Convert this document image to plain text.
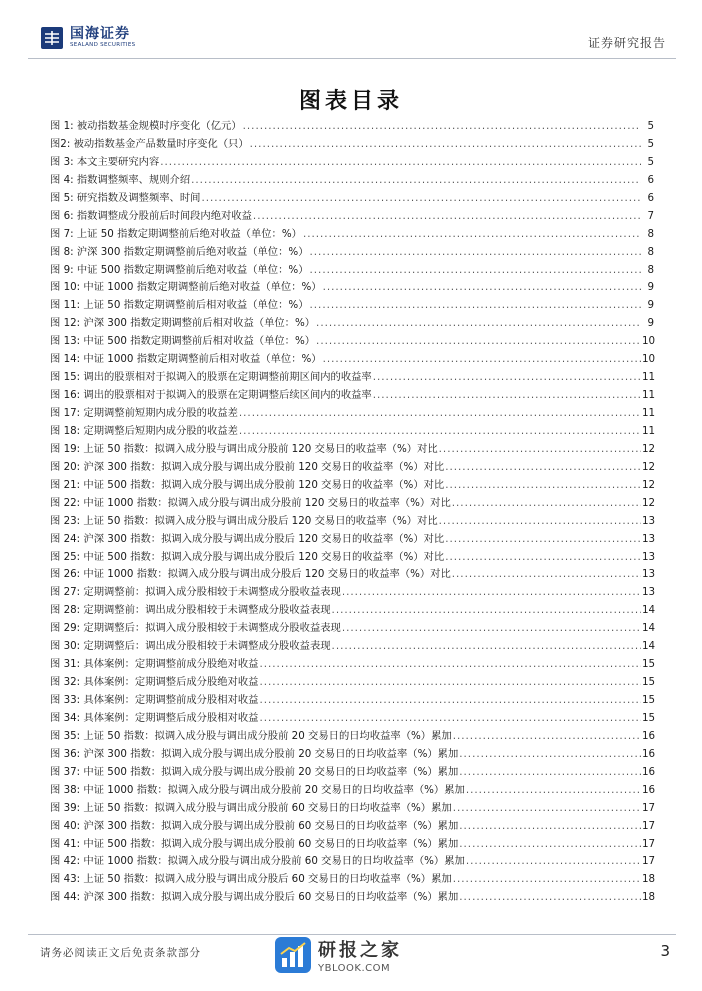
国海证券
SEALAND SECURITIES	证券研究报告
图表目录
图 1: 被动指数基金规模时序变化（亿元） .....	5
图2: 被动指数基金产品数量时序变化（只） .....	5
图 3: 本文主要研究内容 .....	5
图 4: 指数调整频率、规则介绍 .....	6
图 5: 研究指数及调整频率、时间 .....	6
图 6: 指数调整成分股前后时间段内绝对收益 .....	7
图 7: 上证 50 指数定期调整前后绝对收益（单位：%） .....	8
图 8: 沪深 300 指数定期调整前后绝对收益（单位：%） .....	8
图 9: 中证 500 指数定期调整前后绝对收益（单位：%） .....	8
图 10: 中证 1000 指数定期调整前后绝对收益（单位：%） .....	9
图 11: 上证 50 指数定期调整前后相对收益（单位：%） .....	9
图 12: 沪深 300 指数定期调整前后相对收益（单位：%） .....	9
图 13: 中证 500 指数定期调整前后相对收益（单位：%） .....	10
图 14: 中证 1000 指数定期调整前后相对收益（单位：%） .....	10
图 15: 调出的股票相对于拟调入的股票在定期调整前期区间内的收益率 .....	11
图 16: 调出的股票相对于拟调入的股票在定期调整后续区间内的收益率 .....	11
图 17: 定期调整前短期内成分股的收益差 .....	11
图 18: 定期调整后短期内成分股的收益差 .....	11
图 19: 上证 50 指数：拟调入成分股与调出成分股前 120 交易日的收益率（%）对比 .....	12
图 20: 沪深 300 指数：拟调入成分股与调出成分股前 120 交易日的收益率（%）对比 .....	12
图 21: 中证 500 指数：拟调入成分股与调出成分股前 120 交易日的收益率（%）对比 .....	12
图 22: 中证 1000 指数：拟调入成分股与调出成分股前 120 交易日的收益率（%）对比 .....	12
图 23: 上证 50 指数：拟调入成分股与调出成分股后 120 交易日的收益率（%）对比 .....	13
图 24: 沪深 300 指数：拟调入成分股与调出成分股后 120 交易日的收益率（%）对比 .....	13
图 25: 中证 500 指数：拟调入成分股与调出成分股后 120 交易日的收益率（%）对比 .....	13
图 26: 中证 1000 指数：拟调入成分股与调出成分股后 120 交易日的收益率（%）对比 .....	13
图 27: 定期调整前：拟调入成分股相较于未调整成分股收益表现 .....	13
图 28: 定期调整前：调出成分股相较于未调整成分股收益表现 .....	14
图 29: 定期调整后：拟调入成分股相较于未调整成分股收益表现 .....	14
图 30: 定期调整后：调出成分股相较于未调整成分股收益表现 .....	14
图 31: 具体案例：定期调整前成分股绝对收益 .....	15
图 32: 具体案例：定期调整后成分股绝对收益 .....	15
图 33: 具体案例：定期调整前成分股相对收益 .....	15
图 34: 具体案例：定期调整后成分股相对收益 .....	15
图 35: 上证 50 指数：拟调入成分股与调出成分股前 20 交易日的日均收益率（%）累加 .....	16
图 36: 沪深 300 指数：拟调入成分股与调出成分股前 20 交易日的日均收益率（%）累加 .....	16
图 37: 中证 500 指数：拟调入成分股与调出成分股前 20 交易日的日均收益率（%）累加 .....	16
图 38: 中证 1000 指数：拟调入成分股与调出成分股前 20 交易日的日均收益率（%）累加 .....	16
图 39: 上证 50 指数：拟调入成分股与调出成分股前 60 交易日的日均收益率（%）累加 .....	17
图 40: 沪深 300 指数：拟调入成分股与调出成分股前 60 交易日的日均收益率（%）累加 .....	17
图 41: 中证 500 指数：拟调入成分股与调出成分股前 60 交易日的日均收益率（%）累加 .....	17
图 42: 中证 1000 指数：拟调入成分股与调出成分股前 60 交易日的日均收益率（%）累加 .....	17
图 43: 上证 50 指数：拟调入成分股与调出成分股后 60 交易日的日均收益率（%）累加 .....	18
图 44: 沪深 300 指数：拟调入成分股与调出成分股后 60 交易日的日均收益率（%）累加 .....	18
请务必阅读正文后免责条款部分	研报之家
YBLOOK.COM
3
